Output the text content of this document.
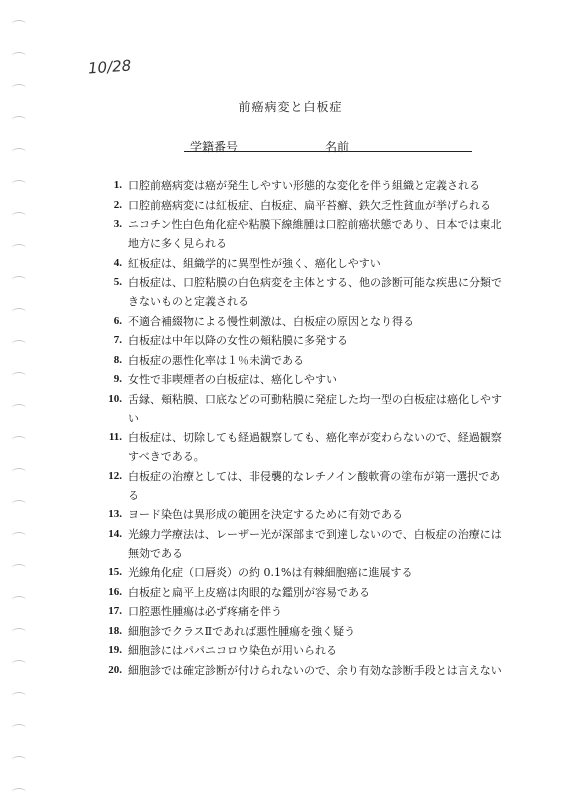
10/28
前癌病変と白板症
学籍番号	名前
1. 口腔前癌病変は癌が発生しやすい形態的な変化を伴う組織と定義される
2. 口腔前癌病変には紅板症、白板症、扁平苔癬、鉄欠乏性貧血が挙げられる
3. ニコチン性白色角化症や粘膜下線維腫は口腔前癌状態であり、日本では東北地方に多く見られる
4. 紅板症は、組織学的に異型性が強く、癌化しやすい
5. 白板症は、口腔粘膜の白色病変を主体とする、他の診断可能な疾患に分類できないものと定義される
6. 不適合補綴物による慢性刺激は、白板症の原因となり得る
7. 白板症は中年以降の女性の頬粘膜に多発する
8. 白板症の悪性化率は１％未満である
9. 女性で非喫煙者の白板症は、癌化しやすい
10. 舌縁、頬粘膜、口底などの可動粘膜に発症した均一型の白板症は癌化しやすい
11. 白板症は、切除しても経過観察しても、癌化率が変わらないので、経過観察すべきである。
12. 白板症の治療としては、非侵襲的なレチノイン酸軟膏の塗布が第一選択である
13. ヨード染色は異形成の範囲を決定するために有効である
14. 光線力学療法は、レーザー光が深部まで到達しないので、白板症の治療には無効である
15. 光線角化症（口唇炎）の約 0.1%は有棘細胞癌に進展する
16. 白板症と扁平上皮癌は肉眼的な鑑別が容易である
17. 口腔悪性腫瘍は必ず疼痛を伴う
18. 細胞診でクラスⅡであれば悪性腫瘍を強く疑う
19. 細胞診にはパパニコロウ染色が用いられる
20. 細胞診では確定診断が付けられないので、余り有効な診断手段とは言えない
